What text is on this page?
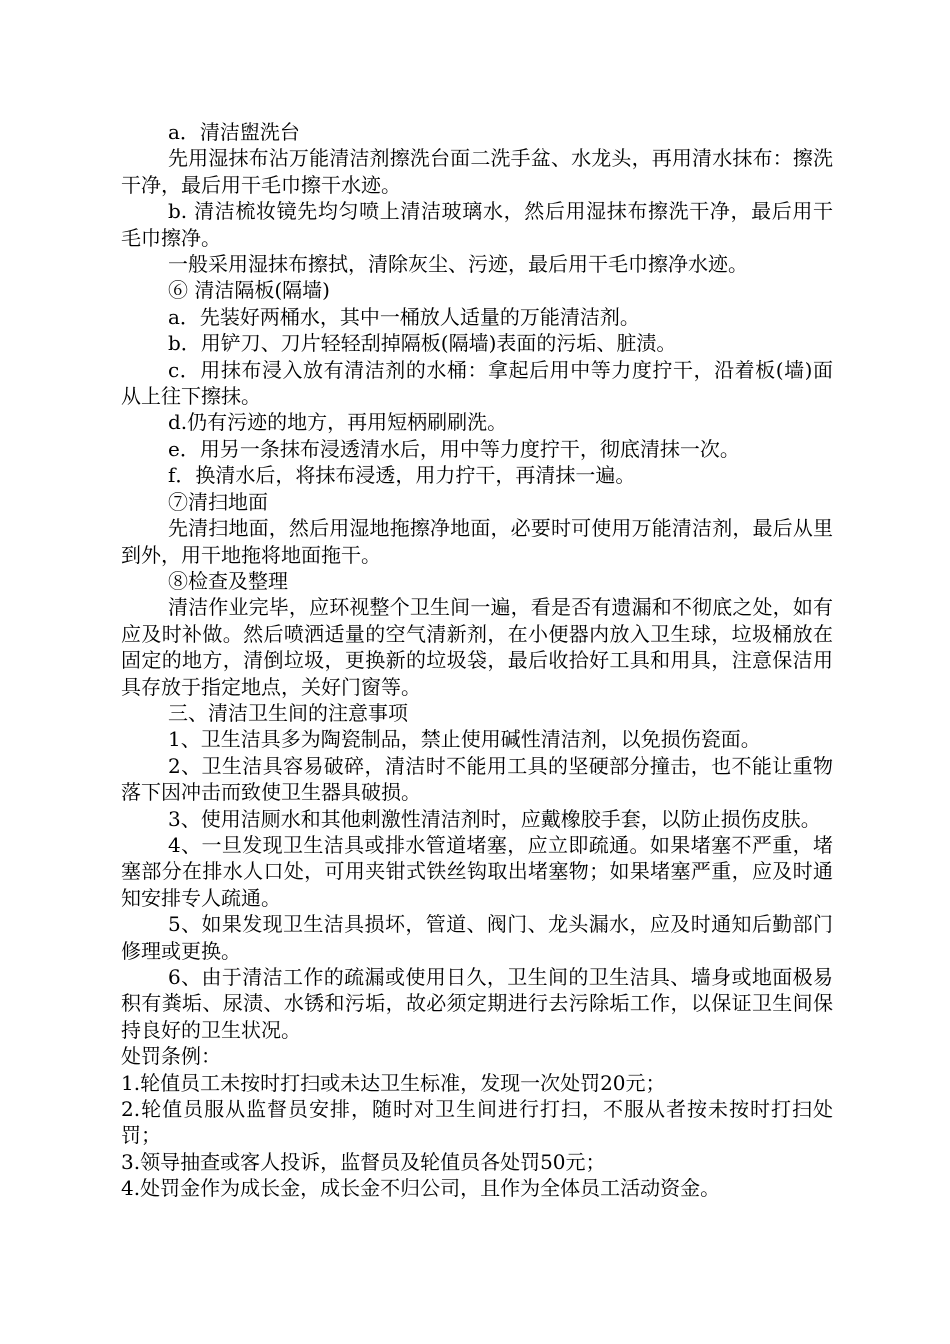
a．清洁盥洗台

先用湿抹布沾万能清洁剂擦洗台面二洗手盆、水龙头，再用清水抹布：擦洗干净，最后用干毛巾擦干水迹。

b. 清洁梳妆镜先均匀喷上清洁玻璃水，然后用湿抹布擦洗干净，最后用干毛巾擦净。

一般采用湿抹布擦拭，清除灰尘、污迹，最后用干毛巾擦净水迹。

⑥ 清洁隔板(隔墙)

a．先装好两桶水，其中一桶放人适量的万能清洁剂。

b．用铲刀、刀片轻轻刮掉隔板(隔墙)表面的污垢、脏渍。

c．用抹布浸入放有清洁剂的水桶：拿起后用中等力度拧干，沿着板(墙)面从上往下擦抹。

d.仍有污迹的地方，再用短柄刷刷洗。

e．用另一条抹布浸透清水后，用中等力度拧干，彻底清抹一次。

f．换清水后，将抹布浸透，用力拧干，再清抹一遍。

⑦清扫地面

先清扫地面，然后用湿地拖擦净地面，必要时可使用万能清洁剂，最后从里到外，用干地拖将地面拖干。

⑧检查及整理

清洁作业完毕，应环视整个卫生间一遍，看是否有遗漏和不彻底之处，如有应及时补做。然后喷洒适量的空气清新剂，在小便器内放入卫生球，垃圾桶放在固定的地方，清倒垃圾，更换新的垃圾袋，最后收拾好工具和用具，注意保洁用具存放于指定地点，关好门窗等。

三、清洁卫生间的注意事项

1、卫生洁具多为陶瓷制品，禁止使用碱性清洁剂，以免损伤瓷面。

2、卫生洁具容易破碎，清洁时不能用工具的坚硬部分撞击，也不能让重物落下因冲击而致使卫生器具破损。

3、使用洁厕水和其他刺激性清洁剂时，应戴橡胶手套，以防止损伤皮肤。

4、一旦发现卫生洁具或排水管道堵塞，应立即疏通。如果堵塞不严重，堵塞部分在排水人口处，可用夹钳式铁丝钩取出堵塞物；如果堵塞严重，应及时通知安排专人疏通。

5、如果发现卫生洁具损坏，管道、阀门、龙头漏水，应及时通知后勤部门修理或更换。

6、由于清洁工作的疏漏或使用日久，卫生间的卫生洁具、墙身或地面极易积有粪垢、尿渍、水锈和污垢，故必须定期进行去污除垢工作，以保证卫生间保持良好的卫生状况。

处罚条例：

1.轮值员工未按时打扫或未达卫生标准，发现一次处罚20元；

2.轮值员服从监督员安排，随时对卫生间进行打扫，不服从者按未按时打扫处罚；

3.领导抽查或客人投诉，监督员及轮值员各处罚50元；

4.处罚金作为成长金，成长金不归公司，且作为全体员工活动资金。
